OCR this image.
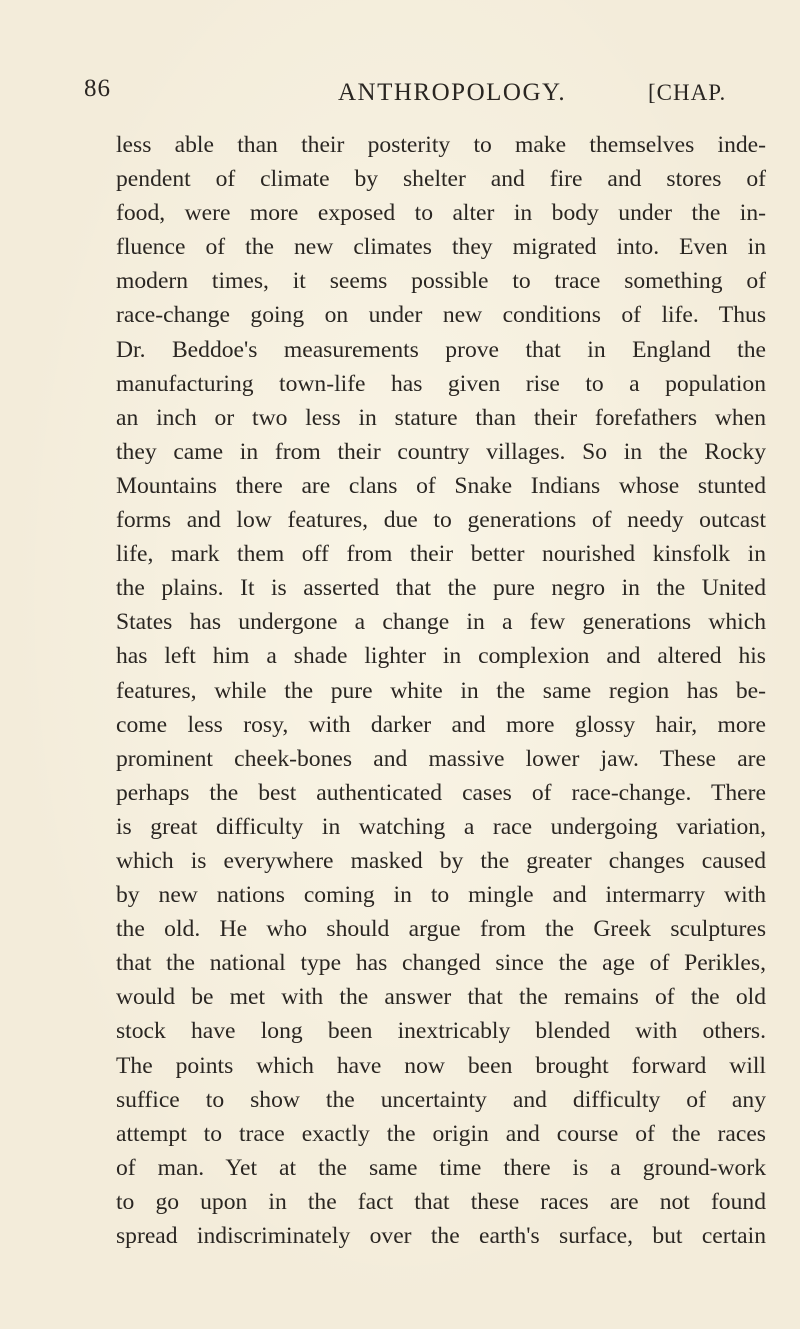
86	ANTHROPOLOGY.	[CHAP.
less able than their posterity to make themselves inde-
pendent of climate by shelter and fire and stores of
food, were more exposed to alter in body under the in-
fluence of the new climates they migrated into. Even in
modern times, it seems possible to trace something of
race-change going on under new conditions of life. Thus
Dr. Beddoe's measurements prove that in England the
manufacturing town-life has given rise to a population
an inch or two less in stature than their forefathers when
they came in from their country villages. So in the Rocky
Mountains there are clans of Snake Indians whose stunted
forms and low features, due to generations of needy outcast
life, mark them off from their better nourished kinsfolk in
the plains. It is asserted that the pure negro in the United
States has undergone a change in a few generations which
has left him a shade lighter in complexion and altered his
features, while the pure white in the same region has be-
come less rosy, with darker and more glossy hair, more
prominent cheek-bones and massive lower jaw. These are
perhaps the best authenticated cases of race-change. There
is great difficulty in watching a race undergoing variation,
which is everywhere masked by the greater changes caused
by new nations coming in to mingle and intermarry with
the old. He who should argue from the Greek sculptures
that the national type has changed since the age of Perikles,
would be met with the answer that the remains of the old
stock have long been inextricably blended with others.
The points which have now been brought forward will
suffice to show the uncertainty and difficulty of any
attempt to trace exactly the origin and course of the races
of man. Yet at the same time there is a ground-work
to go upon in the fact that these races are not found
spread indiscriminately over the earth's surface, but certain
